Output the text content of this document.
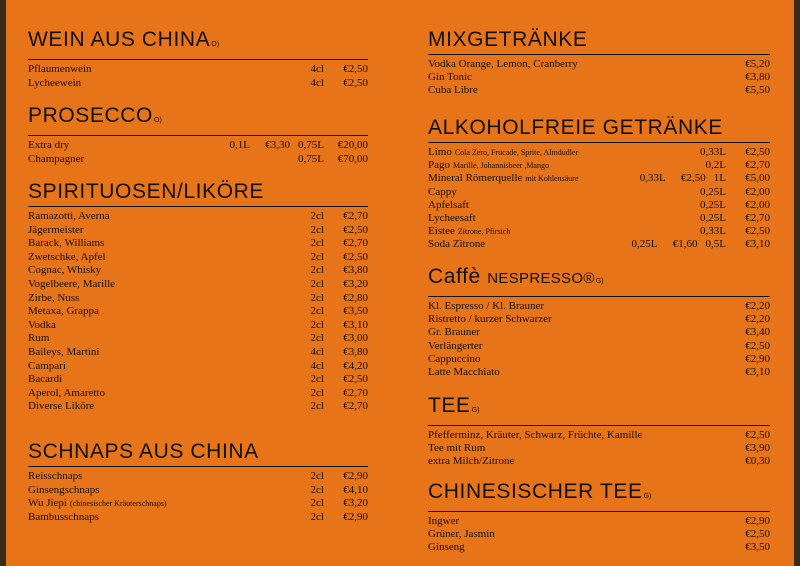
WEIN AUS CHINAO)
Pflaumenwein	4cl	€2,50
Lycheewein	4cl	€2,50
PROSECCOO)
Extra dry	0,1L	€3,30 0,75L	€20,00
Champagner	0,75L	€70,00
SPIRITUOSEN/LIKÖRE
Ramazotti, Averna	2cl	€2,70
Jägermeister	2cl	€2,50
Barack, Williams	2cl	€2,70
Zwetschke, Apfel	2cl	€2,50
Cognac, Whisky	2cl	€3,80
Vogelbeere, Marille	2cl	€3,20
Zirbe, Nuss	2cl	€2,80
Metaxa, Grappa	2cl	€3,50
Vodka	2cl	€3,10
Rum	2cl	€3,00
Baileys, Martini	4cl	€3,80
Campari	4cl	€4,20
Bacardi	2cl	€2,50
Aperol, Amaretto	2cl	€2,70
Diverse Liköre	2cl	€2,70
SCHNAPS AUS CHINA
Reisschnaps	2cl	€2,90
Ginsengschnaps	2cl	€4,10
Wu Jiepi (chinesischer Kräuterschnaps)	2cl	€3,20
Bambusschnaps	2cl	€2,90
MIXGETRÄNKE
Vodka Orange, Lemon, Cranberry	€5,20
Gin Tonic	€3,80
Cuba Libre	€5,50
ALKOHOLFREIE GETRÄNKE
Limo Cola Zero, Frucade, Sprite, Almdudler	0,33L	€2,50
Pago Marille, Johannisbeer ,Mango	0,2L	€2,70
Mineral Römerquelle mit Kohlensäure	0,33L	€2,50 1L	€5,00
Cappy	0,25L	€2,00
Apfelsaft	0,25L	€2,00
Lycheesaft	0,25L	€2,70
Eistee Zitrone, Pfirsich	0,33L	€2,50
Soda Zitrone	0,25L	€1,60 0,5L	€3,10
Caffè NESPRESSO®G)
Kl. Espresso / Kl. Brauner	€2,20
Ristretto / kurzer Schwarzer	€2,20
Gr. Brauner	€3,40
Verlängerter	€2,50
Cappuccino	€2,90
Latte Macchiato	€3,10
TEEG)
Pfefferminz, Kräuter, Schwarz, Früchte, Kamille	€2,50
Tee mit Rum	€3,90
extra Milch/Zitrone	€0,30
CHINESISCHER TEEG)
Ingwer	€2,90
Grüner, Jasmin	€2,50
Ginseng	€3,50
